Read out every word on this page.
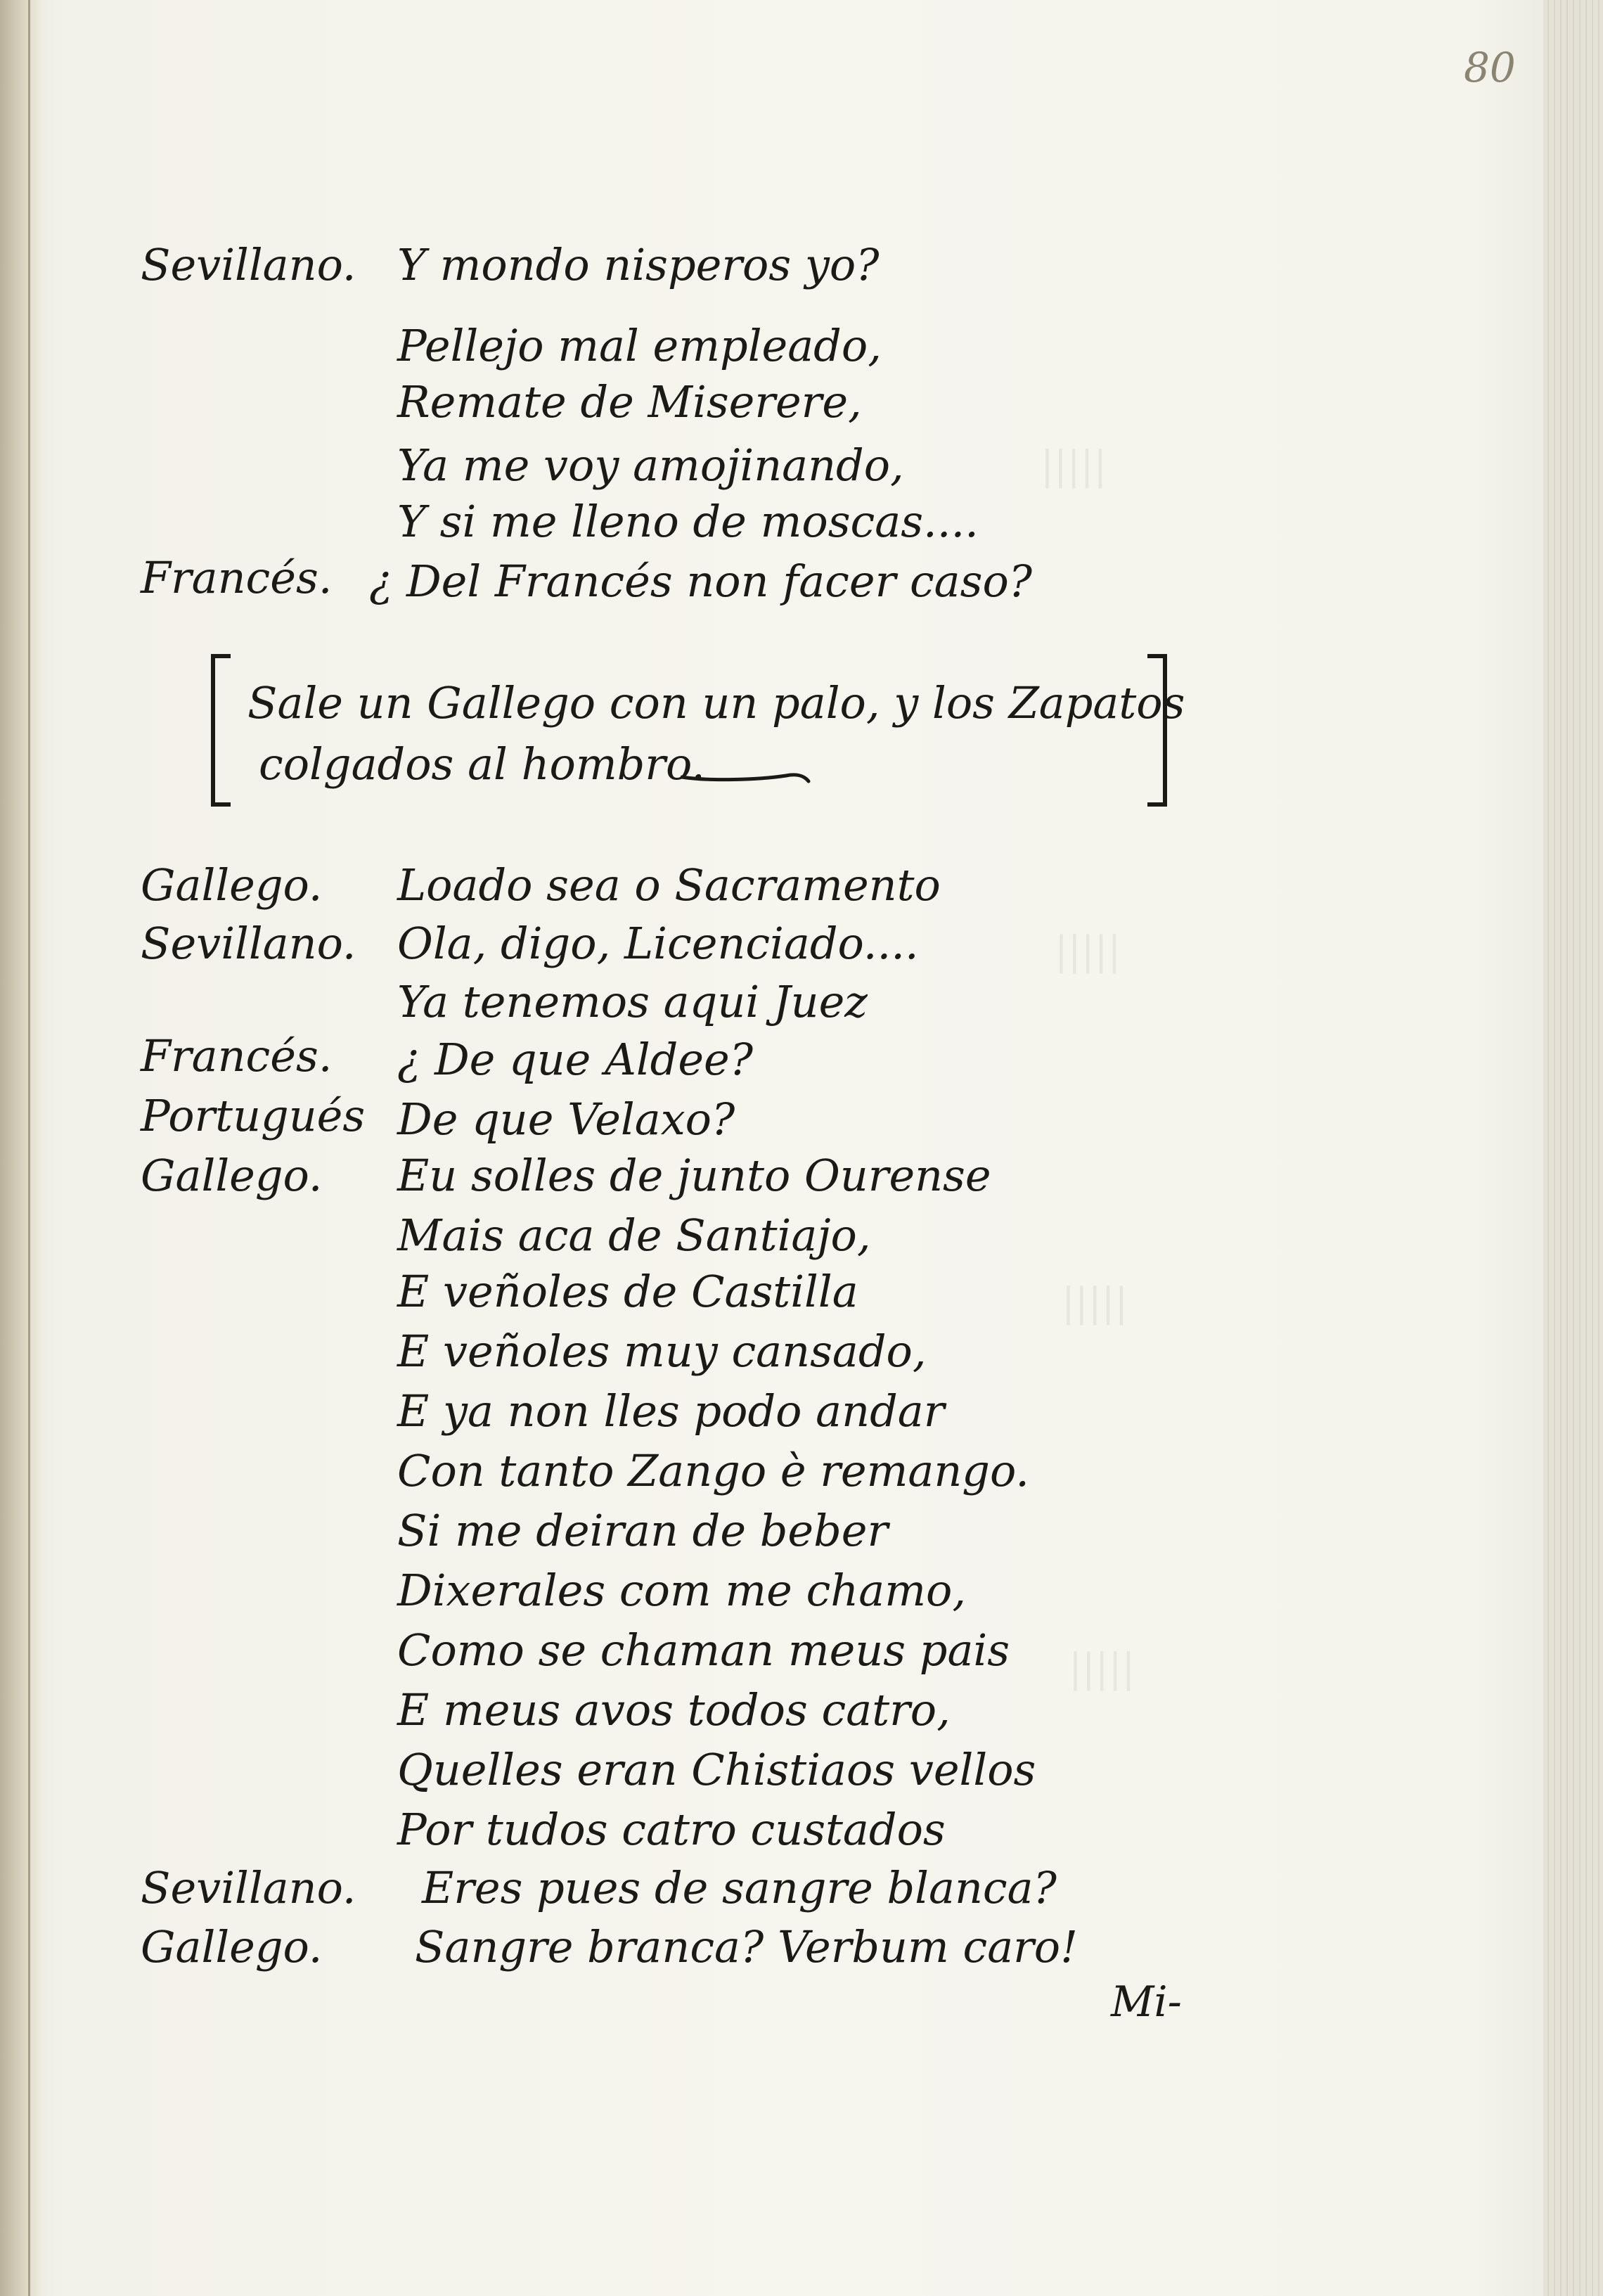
|||||
|||||
|||||
|||||
80
Sevillano. Y mondo nisperos yo?
Pellejo mal empleado,
Remate de Miserere,
Ya me voy amojinando,
Y si me lleno de moscas....
Francés. ¿ Del Francés non facer caso?
Sale un Gallego con un palo, y los Zapatos
colgados al hombro.
Gallego. Loado sea o Sacramento
Sevillano. Ola, digo, Licenciado....
Ya tenemos aqui Juez
Francés. ¿ De que Aldee?
Portugués De que Velaxo?
Gallego. Eu solles de junto Ourense
Mais aca de Santiajo,
E veñoles de Castilla
E veñoles muy cansado,
E ya non lles podo andar
Con tanto Zango è remango.
Si me deiran de beber
Dixerales com me chamo,
Como se chaman meus pais
E meus avos todos catro,
Quelles eran Chistiaos vellos
Por tudos catro custados
Sevillano. Eres pues de sangre blanca?
Gallego. Sangre branca? Verbum caro!
Mi-
